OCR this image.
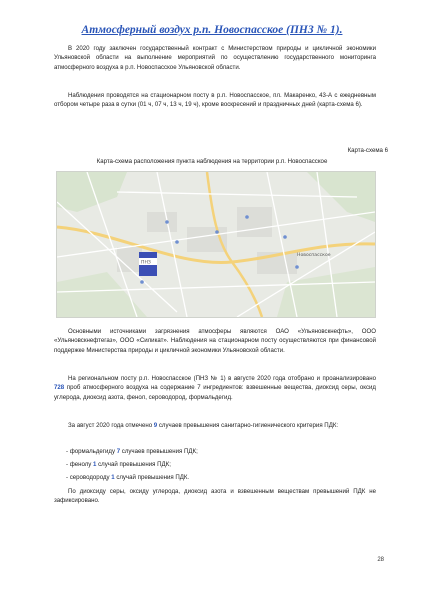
Атмосферный воздух р.п. Новоспасское (ПНЗ № 1).

В 2020 году заключен государственный контракт с Министерством природы и цикличной экономики Ульяновской области на выполнение мероприятий по осуществлению государственного мониторинга атмосферного воздуха в р.п. Новоспасское Ульяновской области.

Наблюдения проводятся на стационарном посту в р.п. Новоспасское, пл. Макаренко, 43-А с ежедневным отбором четыре раза в сутки (01 ч, 07 ч, 13 ч, 19 ч), кроме воскресений и праздничных дней (карта-схема 6).

Карта-схема 6
Карта-схема расположения пункта наблюдения на территории р.п. Новоспасское
ПНЗ
Новоспасское

Основными источниками загрязнения атмосферы являются ОАО «Ульяновскнефть», ООО «Ульяновскнефтегаз», ООО «Силикат». Наблюдения на стационарном посту осуществляются при финансовой поддержке Министерства природы и цикличной экономики Ульяновской области.

На региональном посту р.п. Новоспасское (ПНЗ № 1) в августе 2020 года отобрано и проанализировано 728 проб атмосферного воздуха на содержание 7 ингредиентов: взвешенные вещества, диоксид серы, оксид углерода, диоксид азота, фенол, сероводород, формальдегид.

За август 2020 года отмечено 9 случаев превышения санитарно-гигиенического критерия ПДК:

- формальдегиду 7 случаев превышения ПДК;
- фенолу 1 случай превышения ПДК;
- сероводороду 1 случай превышения ПДК.

По диоксиду серы, оксиду углерода, диоксид азота и взвешенным веществам превышений ПДК не зафиксировано.

28
